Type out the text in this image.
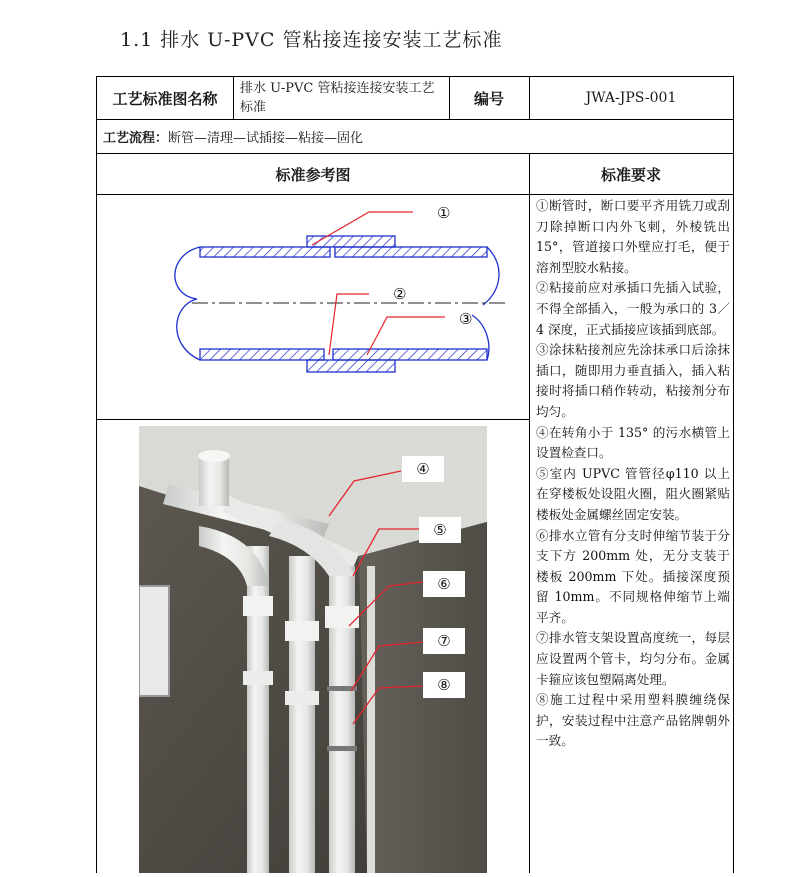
1.1 排水 U-PVC 管粘接连接安装工艺标准
工艺标准图名称
排水 U-PVC 管粘接连接安装工艺标准	编号	JWA-JPS-001
工艺流程： 断管—清理—试插接—粘接—固化
标准参考图	标准要求
①
②
③
④
⑤
⑥
⑦
⑧

①断管时，断口要平齐用铣刀或刮刀除掉断口内外飞刺，外棱铣出 15°，管道接口外壁应打毛，便于溶剂型胶水粘接。

②粘接前应对承插口先插入试验，不得全部插入，一般为承口的 3／4 深度，正式插接应该插到底部。

③涂抹粘接剂应先涂抹承口后涂抹插口，随即用力垂直插入，插入粘接时将插口稍作转动，粘接剂分布均匀。

④在转角小于 135° 的污水横管上设置检查口。

⑤室内 UPVC 管管径φ110 以上在穿楼板处设阻火圈，阻火圈紧贴楼板处金属螺丝固定安装。

⑥排水立管有分支时伸缩节装于分支下方 200mm 处，无分支装于楼板 200mm 下处。插接深度预留 10mm。不同规格伸缩节上端平齐。

⑦排水管支架设置高度统一，每层应设置两个管卡，均匀分布。金属卡箍应该包塑隔离处理。

⑧施工过程中采用塑料膜缠绕保护，安装过程中注意产品铭牌朝外一致。
